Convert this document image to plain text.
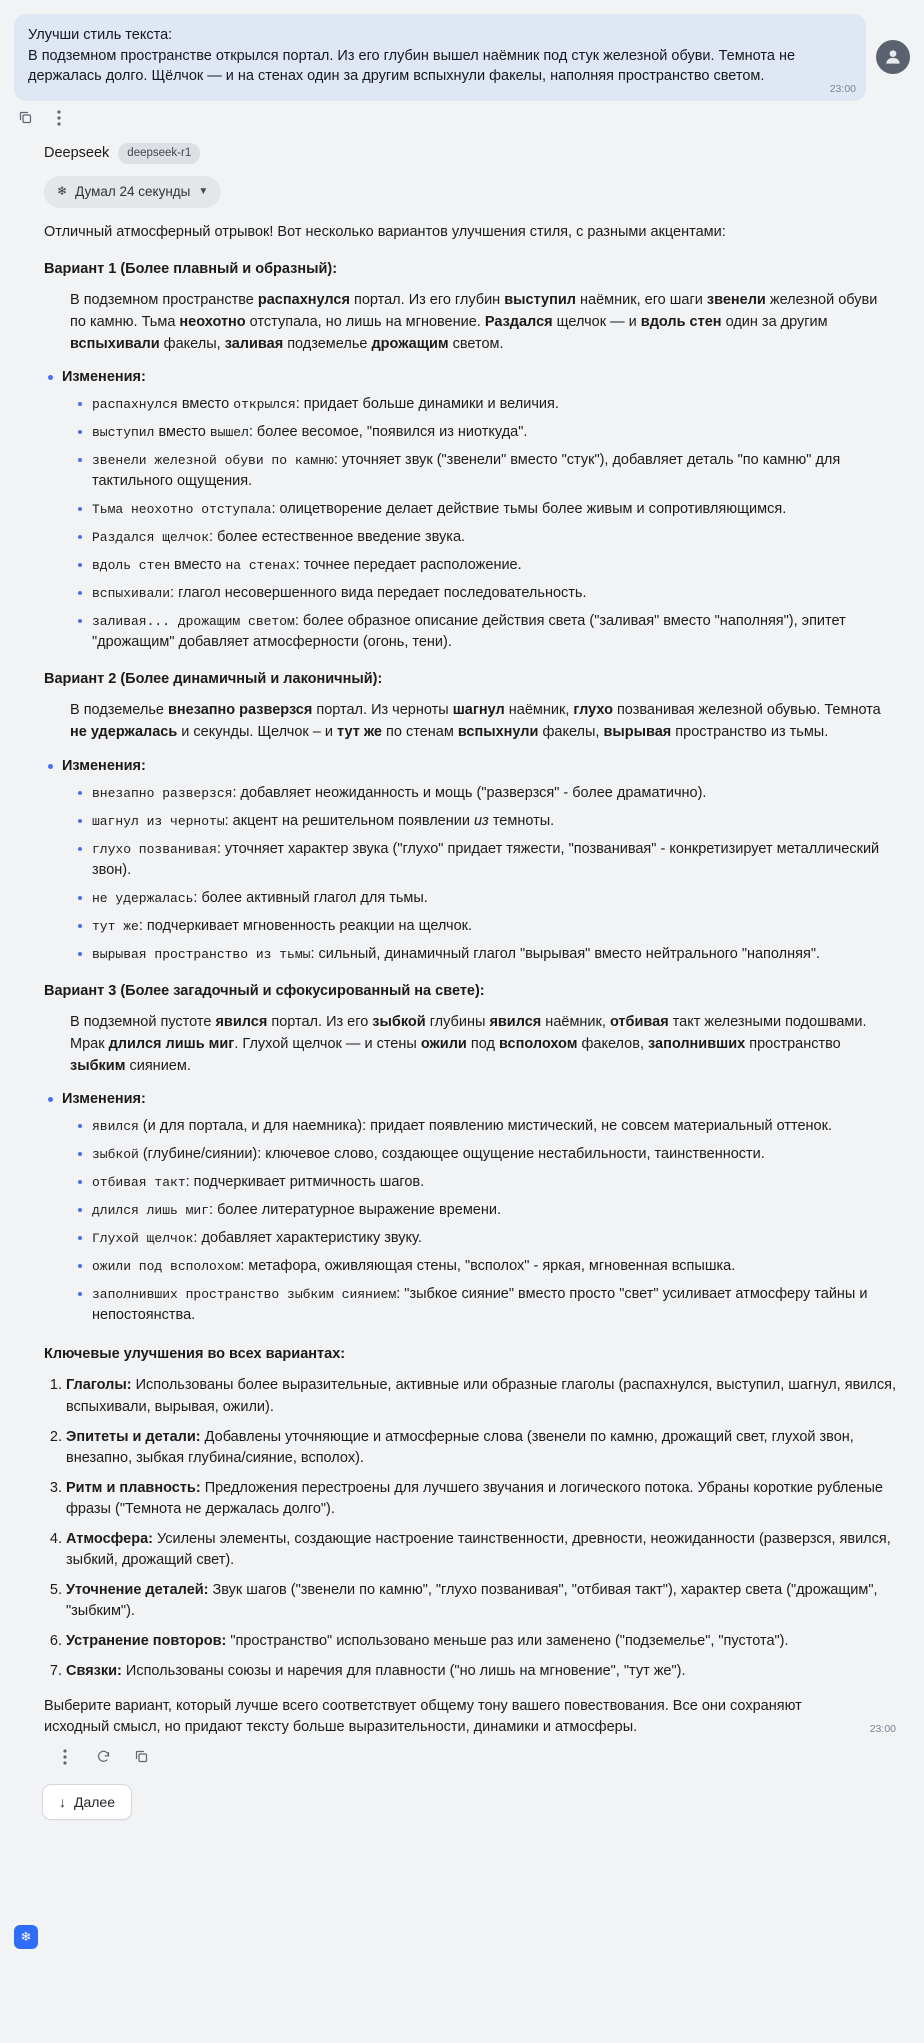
Улучши стиль текста:

В подземном пространстве открылся портал. Из его глубин вышел наёмник под стук железной обуви. Темнота не держалась долго. Щёлчок — и на стенах один за другим вспыхнули факелы, наполняя пространство светом.

23:00
Deepseek	deepseek-r1
❄ Думал 24 секунды ▼

Отличный атмосферный отрывок! Вот несколько вариантов улучшения стиля, с разными акцентами:

Вариант 1 (Более плавный и образный):
В подземном пространстве распахнулся портал. Из его глубин выступил наёмник, его шаги звенели железной обуви по камню. Тьма неохотно отступала, но лишь на мгновение. Раздался щелчок — и вдоль стен один за другим вспыхивали факелы, заливая подземелье дрожащим светом.
Изменения:
распахнулся вместо открылся: придает больше динамики и величия.
выступил вместо вышел: более весомое, "появился из ниоткуда".
звенели железной обуви по камню: уточняет звук ("звенели" вместо "стук"), добавляет деталь "по камню" для тактильного ощущения.
Тьма неохотно отступала: олицетворение делает действие тьмы более живым и сопротивляющимся.
Раздался щелчок: более естественное введение звука.
вдоль стен вместо на стенах: точнее передает расположение.
вспыхивали: глагол несовершенного вида передает последовательность.
заливая... дрожащим светом: более образное описание действия света ("заливая" вместо "наполняя"), эпитет "дрожащим" добавляет атмосферности (огонь, тени).
Вариант 2 (Более динамичный и лаконичный):
В подземелье внезапно разверзся портал. Из черноты шагнул наёмник, глухо позванивая железной обувью. Темнота не удержалась и секунды. Щелчок – и тут же по стенам вспыхнули факелы, вырывая пространство из тьмы.
Изменения:
внезапно разверзся: добавляет неожиданность и мощь ("разверзся" - более драматично).
шагнул из черноты: акцент на решительном появлении из темноты.
глухо позванивая: уточняет характер звука ("глухо" придает тяжести, "позванивая" - конкретизирует металлический звон).
не удержалась: более активный глагол для тьмы.
тут же: подчеркивает мгновенность реакции на щелчок.
вырывая пространство из тьмы: сильный, динамичный глагол "вырывая" вместо нейтрального "наполняя".
Вариант 3 (Более загадочный и сфокусированный на свете):
В подземной пустоте явился портал. Из его зыбкой глубины явился наёмник, отбивая такт железными подошвами. Мрак длился лишь миг. Глухой щелчок — и стены ожили под всполохом факелов, заполнивших пространство зыбким сиянием.
Изменения:
явился (и для портала, и для наемника): придает появлению мистический, не совсем материальный оттенок.
зыбкой (глубине/сиянии): ключевое слово, создающее ощущение нестабильности, таинственности.
отбивая такт: подчеркивает ритмичность шагов.
длился лишь миг: более литературное выражение времени.
Глухой щелчок: добавляет характеристику звуку.
ожили под всполохом: метафора, оживляющая стены, "всполох" - яркая, мгновенная вспышка.
заполнивших пространство зыбким сиянием: "зыбкое сияние" вместо просто "свет" усиливает атмосферу тайны и непостоянства.
Ключевые улучшения во всех вариантах:
1. Глаголы: Использованы более выразительные, активные или образные глаголы (распахнулся, выступил, шагнул, явился, вспыхивали, вырывая, ожили).
2. Эпитеты и детали: Добавлены уточняющие и атмосферные слова (звенели по камню, дрожащий свет, глухой звон, внезапно, зыбкая глубина/сияние, всполох).
3. Ритм и плавность: Предложения перестроены для лучшего звучания и логического потока. Убраны короткие рубленые фразы ("Темнота не держалась долго").
4. Атмосфера: Усилены элементы, создающие настроение таинственности, древности, неожиданности (разверзся, явился, зыбкий, дрожащий свет).
5. Уточнение деталей: Звук шагов ("звенели по камню", "глухо позванивая", "отбивая такт"), характер света ("дрожащим", "зыбким").
6. Устранение повторов: "пространство" использовано меньше раз или заменено ("подземелье", "пустота").
7. Связки: Использованы союзы и наречия для плавности ("но лишь на мгновение", "тут же").

Выберите вариант, который лучше всего соответствует общему тону вашего повествования. Все они сохраняют исходный смысл, но придают тексту больше выразительности, динамики и атмосферы.	23:00

❄
↓ Далее
